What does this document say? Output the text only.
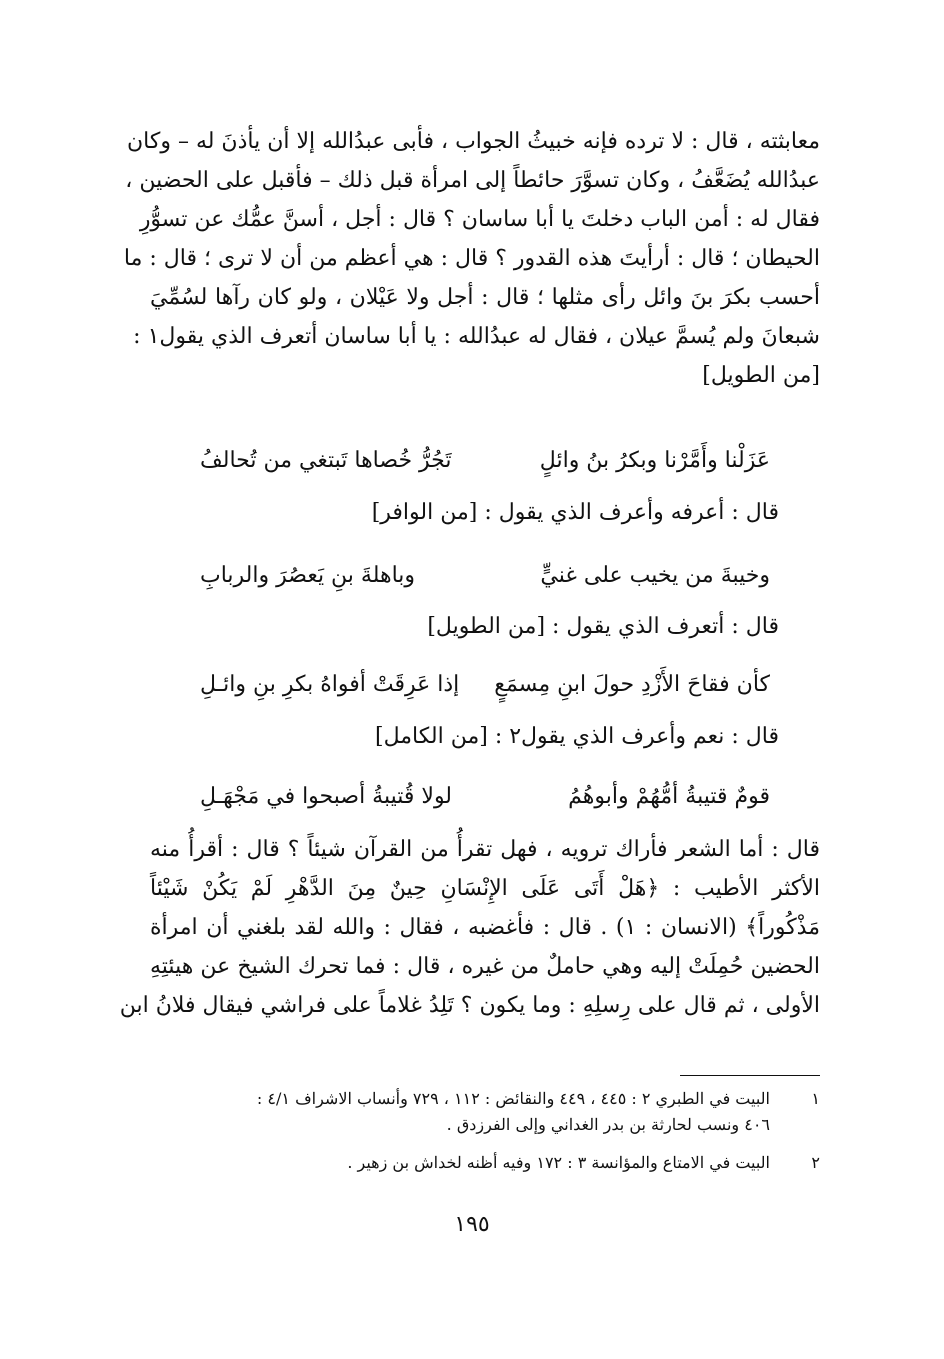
معابثته ، قال : لا ترده فإنه خبيثُ الجواب ، فأبى عبدُالله إلا أن يأذنَ له – وكان
عبدُالله يُضَعَّفُ ، وكان تسوَّرَ حائطاً إلى امرأة قبل ذلك – فأقبل على الحضين ،
فقال له : أمن الباب دخلتَ يا أبا ساسان ؟ قال : أجل ، أسنَّ عمُّك عن تسوُّرِ
الحيطان ؛ قال : أرأيتَ هذه القدور ؟ قال : هي أعظم من أن لا ترى ؛ قال : ما
أحسب بكرَ بنَ وائل رأى مثلها ؛ قال : أجل ولا عَيْلان ، ولو كان رآها لسُمِّيَ
شبعانَ ولم يُسمَّ عيلان ، فقال له عبدُالله : يا أبا ساسان أتعرف الذي يقول١ :
[من الطويل]
عَزَلْنا وأَمَّرْنا وبكرُ بنُ وائلٍ
تَجُرُّ خُصاها تَبتغي من تُحالفُ
قال : أعرفه وأعرف الذي يقول : [من الوافر]
وخيبةَ من يخيب على غنيٍّ
وباهلةَ بنِ يَعصُرَ والربابِ
قال : أتعرف الذي يقول : [من الطويل]
كأن فقاحَ الأَزْدِ حولَ ابنِ مِسمَعٍ
إذا عَرِقَتْ أفواهُ بكرِ بنِ وائـلِ
قال : نعم وأعرف الذي يقول٢ : [من الكامل]
قومٌ قتيبةُ أمُّهُمْ وأبوهُمُ
لولا قُتيبةُ أصبحوا في مَجْهَـلِ
قال : أما الشعر فأراك ترويه ، فهل تقرأُ من القرآن شيئاً ؟ قال : أقرأُ منه
الأكثر الأطيب : ﴿هَلْ أَتَى عَلَى الإِنْسَانِ حِينٌ مِنَ الدَّهْرِ لَمْ يَكُنْ شَيْئاً
مَذْكُوراً﴾ (الانسان : ١) . قال : فأغضبه ، فقال : والله لقد بلغني أن امرأة
الحضين حُمِلَتْ إليه وهي حاملٌ من غيره ، قال : فما تحرك الشيخ عن هيئتِهِ
الأولى ، ثم قال على رِسلِهِ : وما يكون ؟ تَلِدُ غلاماً على فراشي فيقال فلانُ ابن
١البيت في الطبري ٢ : ٤٤٥ ، ٤٤٩ والنقائض : ١١٢ ، ٧٢٩ وأنساب الاشراف ٤/١ :
٤٠٦ ونسب لحارثة بن بدر الغداني وإلى الفرزدق .
٢البيت في الامتاع والمؤانسة ٣ : ١٧٢ وفيه أظنه لخداش بن زهير .
١٩٥
